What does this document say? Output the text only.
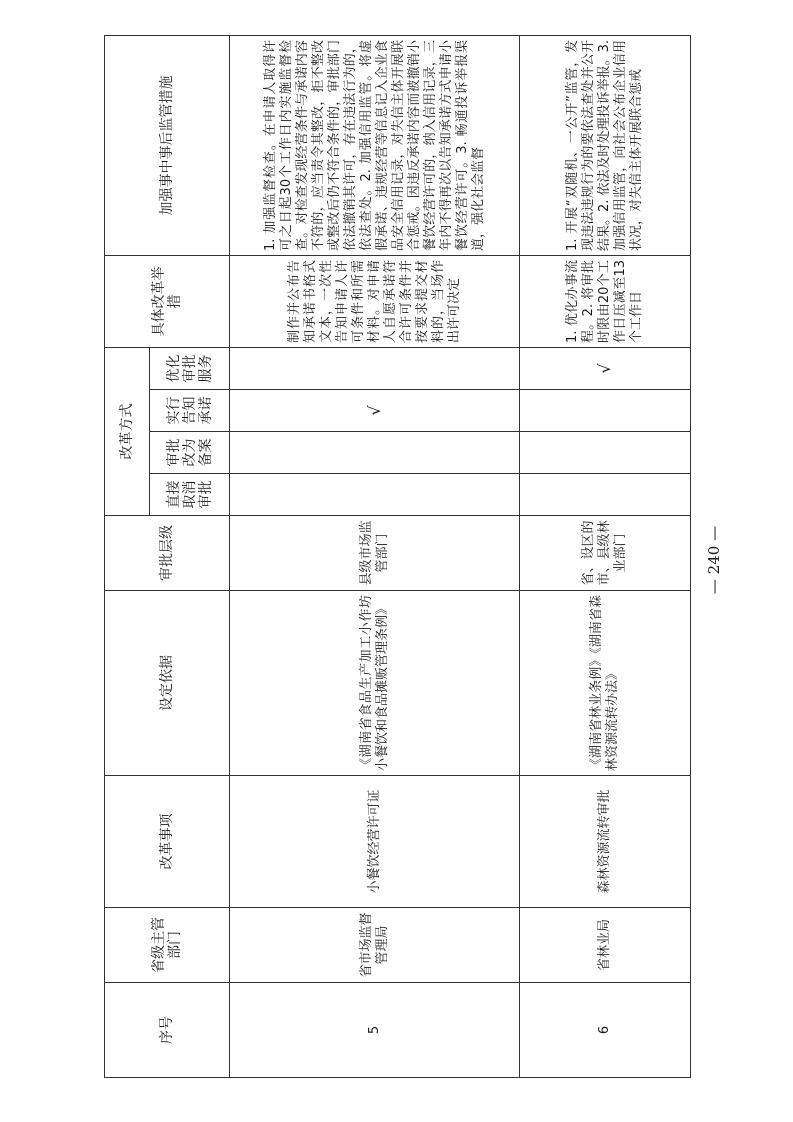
序号	省级主管部门	改革事项	设定依据	审批层级	改革方式				具体改革举措	加强事中事后监管措施
					直接取消审批	审批改为备案	实行告知承诺	优化审批服务		
5	省市场监督管理局	小餐饮经营许可证	《湖南省食品生产加工小作坊小餐饮和食品摊贩管理条例》	县级市场监管部门			√		制作并公布告知承诺书格式文本，一次性告知申请人许可条件和所需材料。对申请人自愿承诺符合许可条件并按要求提交材料的，当场作出许可决定	1. 加强监督检查。在申请人取得许可之日起30个工作日内实施监督检查。对检查发现经营条件与承诺内容不符的，应当责令其整改，拒不整改或整改后仍不符合条件的，审批部门依法撤销其许可，存在违法行为的，依法查处。2. 加强信用监管。将虚假承诺、违规经营等信息记入企业食品安全信用记录，对失信主体开展联合惩戒。因违反承诺内容而被撤销小餐饮经营许可的，纳入信用记录，三年内不得再次以告知承诺方式申请小餐饮经营许可。3. 畅通投诉举报渠道，强化社会监督
6	省林业局	森林资源流转审批	《湖南省林业条例》《湖南省森林资源流转办法》	省、设区的市、县级林业部门				√	1. 优化办事流程。2. 将审批时限由20个工作日压减至13个工作日	1. 开展“双随机、一公开”监管，发现违法违规行为的要依法查处并公开结果。2. 依法及时处理投诉举报。3. 加强信用监管，向社会公布企业信用状况，对失信主体开展联合惩戒
— 240 —
